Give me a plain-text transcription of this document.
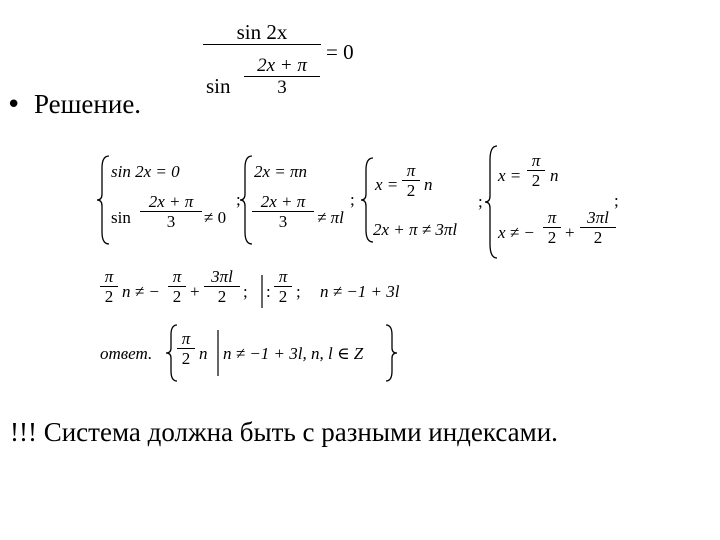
• Решение.
sin 2x
sin
2x + π
3
= 0
sin 2x = 0
sin
2x + π
3	≠ 0
;
2x = πn
2x + π
3	≠ πl
;
x =
π
2 n
2x + π ≠ 3πl
;
x =
π
2 n
x ≠ −
π
2 +
3πl
2
;
π
2 n ≠ −
π
2 +
3πl
2 ; :
π
2 ; n ≠ −1 + 3l
ответ.
π
2 n n ≠ −1 + 3l, n, l ∈ Z
!!! Система должна быть с разными индексами.
